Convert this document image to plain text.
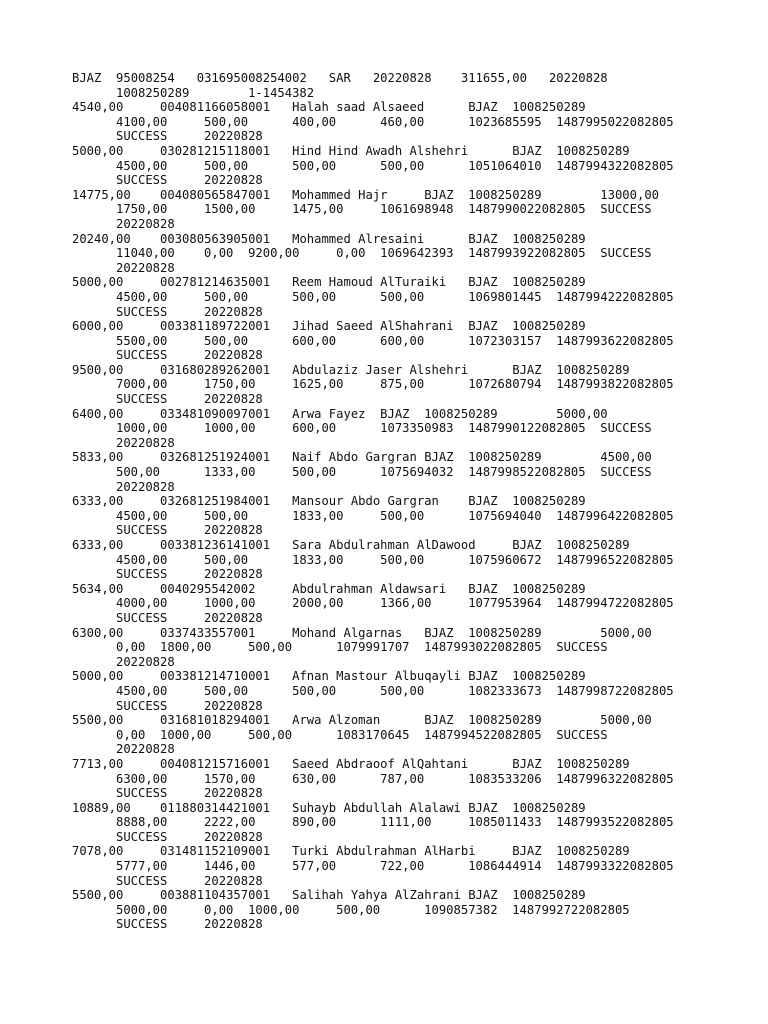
BJAZ  95008254   031695008254002   SAR   20220828    311655,00   20220828
1008250289        1-1454382
4540,00     004081166058001   Halah saad Alsaeed      BJAZ  1008250289
4100,00     500,00      400,00      460,00      1023685595  1487995022082805
SUCCESS     20220828
5000,00     030281215118001   Hind Hind Awadh Alshehri      BJAZ  1008250289
4500,00     500,00      500,00      500,00      1051064010  1487994322082805
SUCCESS     20220828
14775,00    004080565847001   Mohammed Hajr     BJAZ  1008250289        13000,00
1750,00     1500,00     1475,00     1061698948  1487990022082805  SUCCESS
20220828
20240,00    003080563905001   Mohammed Alresaini      BJAZ  1008250289
11040,00    0,00  9200,00     0,00  1069642393  1487993922082805  SUCCESS
20220828
5000,00     002781214635001   Reem Hamoud AlTuraiki   BJAZ  1008250289
4500,00     500,00      500,00      500,00      1069801445  1487994222082805
SUCCESS     20220828
6000,00     003381189722001   Jihad Saeed AlShahrani  BJAZ  1008250289
5500,00     500,00      600,00      600,00      1072303157  1487993622082805
SUCCESS     20220828
9500,00     031680289262001   Abdulaziz Jaser Alshehri      BJAZ  1008250289
7000,00     1750,00     1625,00     875,00      1072680794  1487993822082805
SUCCESS     20220828
6400,00     033481090097001   Arwa Fayez  BJAZ  1008250289        5000,00
1000,00     1000,00     600,00      1073350983  1487990122082805  SUCCESS
20220828
5833,00     032681251924001   Naif Abdo Gargran BJAZ  1008250289        4500,00
500,00      1333,00     500,00      1075694032  1487998522082805  SUCCESS
20220828
6333,00     032681251984001   Mansour Abdo Gargran    BJAZ  1008250289
4500,00     500,00      1833,00     500,00      1075694040  1487996422082805
SUCCESS     20220828
6333,00     003381236141001   Sara Abdulrahman AlDawood     BJAZ  1008250289
4500,00     500,00      1833,00     500,00      1075960672  1487996522082805
SUCCESS     20220828
5634,00     0040295542002     Abdulrahman Aldawsari   BJAZ  1008250289
4000,00     1000,00     2000,00     1366,00     1077953964  1487994722082805
SUCCESS     20220828
6300,00     0337433557001     Mohand Algarnas   BJAZ  1008250289        5000,00
0,00  1800,00     500,00      1079991707  1487993022082805  SUCCESS
20220828
5000,00     003381214710001   Afnan Mastour Albuqayli BJAZ  1008250289
4500,00     500,00      500,00      500,00      1082333673  1487998722082805
SUCCESS     20220828
5500,00     031681018294001   Arwa Alzoman      BJAZ  1008250289        5000,00
0,00  1000,00     500,00      1083170645  1487994522082805  SUCCESS
20220828
7713,00     004081215716001   Saeed Abdraoof AlQahtani      BJAZ  1008250289
6300,00     1570,00     630,00      787,00      1083533206  1487996322082805
SUCCESS     20220828
10889,00    011880314421001   Suhayb Abdullah Alalawi BJAZ  1008250289
8888,00     2222,00     890,00      1111,00     1085011433  1487993522082805
SUCCESS     20220828
7078,00     031481152109001   Turki Abdulrahman AlHarbi     BJAZ  1008250289
5777,00     1446,00     577,00      722,00      1086444914  1487993322082805
SUCCESS     20220828
5500,00     003881104357001   Salihah Yahya AlZahrani BJAZ  1008250289
5000,00     0,00  1000,00     500,00      1090857382  1487992722082805
SUCCESS     20220828
